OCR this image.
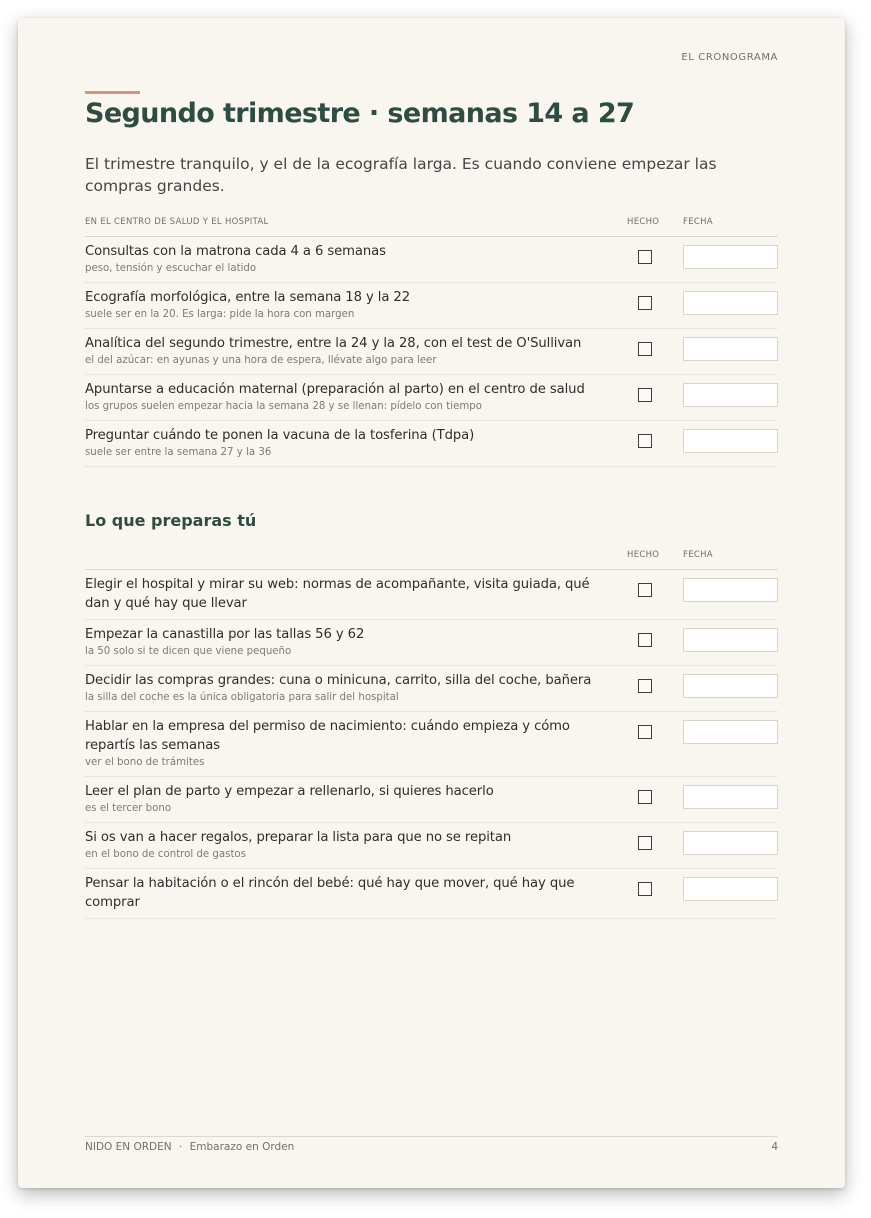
EL CRONOGRAMA
Segundo trimestre · semanas 14 a 27

El trimestre tranquilo, y el de la ecografía larga. Es cuando conviene empezar las compras grandes.

EN EL CENTRO DE SALUD Y EL HOSPITAL	HECHO	FECHA
Consultas con la matrona cada 4 a 6 semanas
peso, tensión y escuchar el latido
Ecografía morfológica, entre la semana 18 y la 22
suele ser en la 20. Es larga: pide la hora con margen
Analítica del segundo trimestre, entre la 24 y la 28, con el test de O'Sullivan
el del azúcar: en ayunas y una hora de espera, llévate algo para leer
Apuntarse a educación maternal (preparación al parto) en el centro de salud
los grupos suelen empezar hacia la semana 28 y se llenan: pídelo con tiempo
Preguntar cuándo te ponen la vacuna de la tosferina (Tdpa)
suele ser entre la semana 27 y la 36
Lo que preparas tú
HECHO	FECHA
Elegir el hospital y mirar su web: normas de acompañante, visita guiada, qué dan y qué hay que llevar
Empezar la canastilla por las tallas 56 y 62
la 50 solo si te dicen que viene pequeño
Decidir las compras grandes: cuna o minicuna, carrito, silla del coche, bañera
la silla del coche es la única obligatoria para salir del hospital
Hablar en la empresa del permiso de nacimiento: cuándo empieza y cómo repartís las semanas
ver el bono de trámites
Leer el plan de parto y empezar a rellenarlo, si quieres hacerlo
es el tercer bono
Si os van a hacer regalos, preparar la lista para que no se repitan
en el bono de control de gastos
Pensar la habitación o el rincón del bebé: qué hay que mover, qué hay que comprar
NIDO EN ORDEN · Embarazo en Orden	4
